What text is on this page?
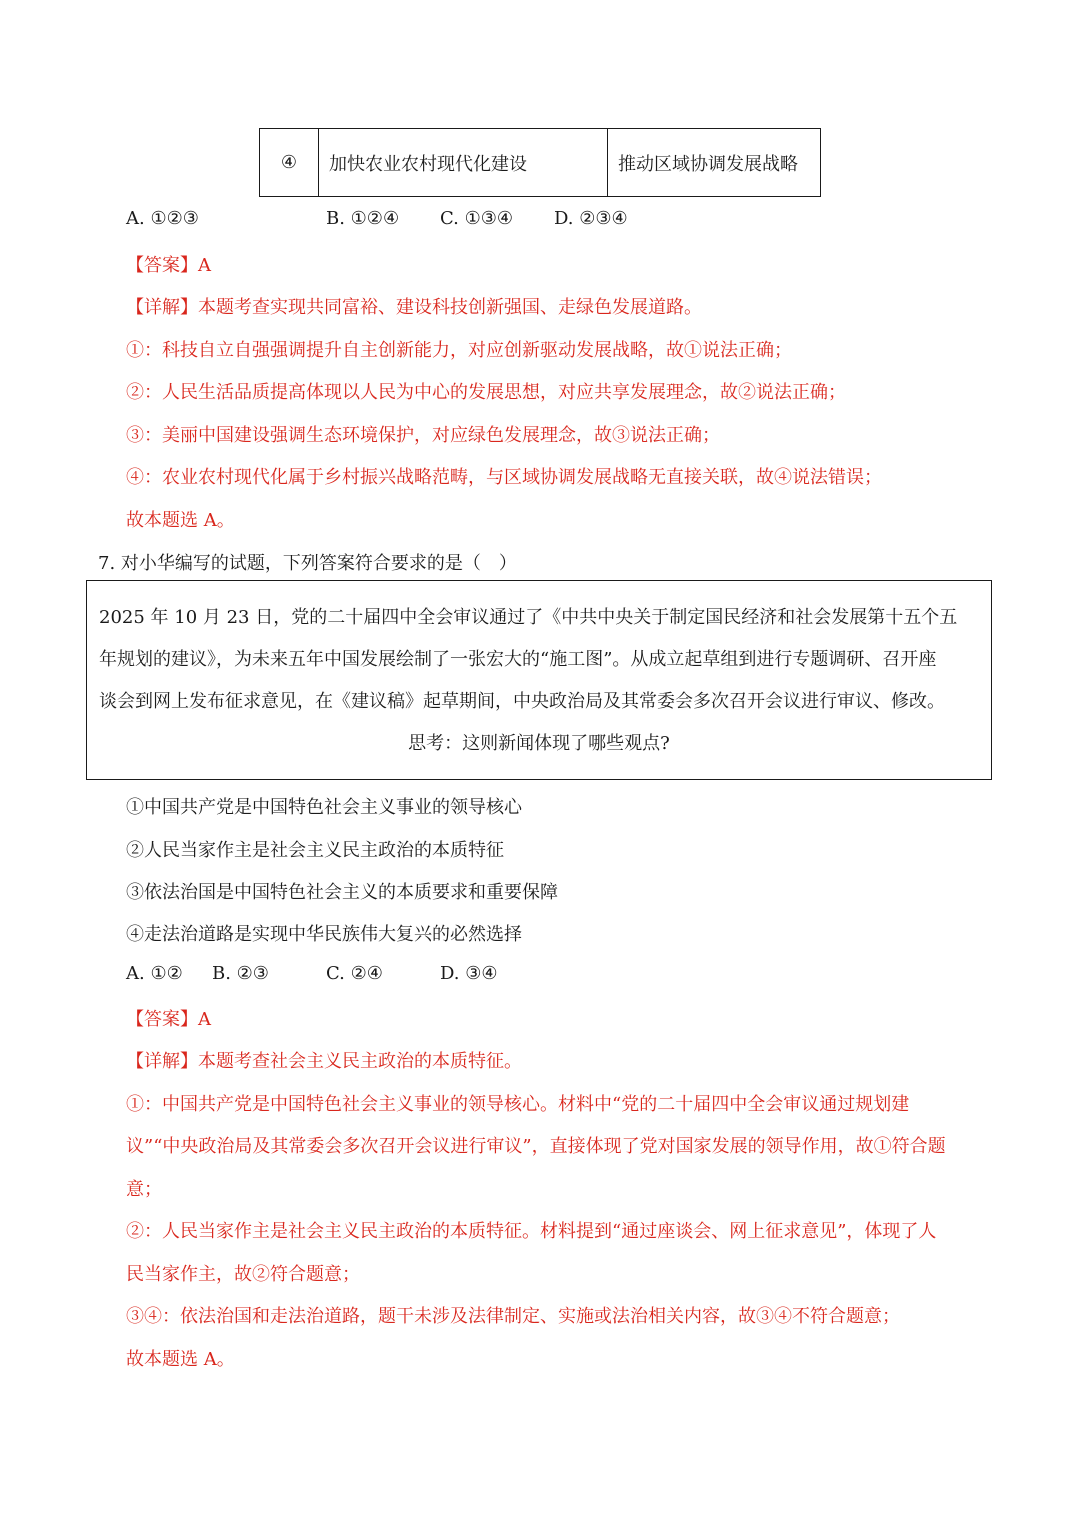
④	加快农业农村现代化建设	推动区域协调发展战略
A. ①②③	B. ①②④ C. ①③④ D. ②③④
【答案】A
【详解】本题考查实现共同富裕、建设科技创新强国、走绿色发展道路。
①：科技自立自强强调提升自主创新能力，对应创新驱动发展战略，故①说法正确；
②：人民生活品质提高体现以人民为中心的发展思想，对应共享发展理念，故②说法正确；
③：美丽中国建设强调生态环境保护，对应绿色发展理念，故③说法正确；
④：农业农村现代化属于乡村振兴战略范畴，与区域协调发展战略无直接关联，故④说法错误；
故本题选 A。
7. 对小华编写的试题，下列答案符合要求的是（　）
2025 年 10 月 23 日，党的二十届四中全会审议通过了《中共中央关于制定国民经济和社会发展第十五个五
年规划的建议》，为未来五年中国发展绘制了一张宏大的“施工图”。从成立起草组到进行专题调研、召开座
谈会到网上发布征求意见，在《建议稿》起草期间，中央政治局及其常委会多次召开会议进行审议、修改。
思考：这则新闻体现了哪些观点?
①中国共产党是中国特色社会主义事业的领导核心
②人民当家作主是社会主义民主政治的本质特征
③依法治国是中国特色社会主义的本质要求和重要保障
④走法治道路是实现中华民族伟大复兴的必然选择
A. ①② B. ②③	C. ②④	D. ③④
【答案】A
【详解】本题考查社会主义民主政治的本质特征。
①：中国共产党是中国特色社会主义事业的领导核心。材料中“党的二十届四中全会审议通过规划建
议”“中央政治局及其常委会多次召开会议进行审议”，直接体现了党对国家发展的领导作用，故①符合题
意；
②：人民当家作主是社会主义民主政治的本质特征。材料提到“通过座谈会、网上征求意见”，体现了人
民当家作主，故②符合题意；
③④：依法治国和走法治道路，题干未涉及法律制定、实施或法治相关内容，故③④不符合题意；
故本题选 A。
